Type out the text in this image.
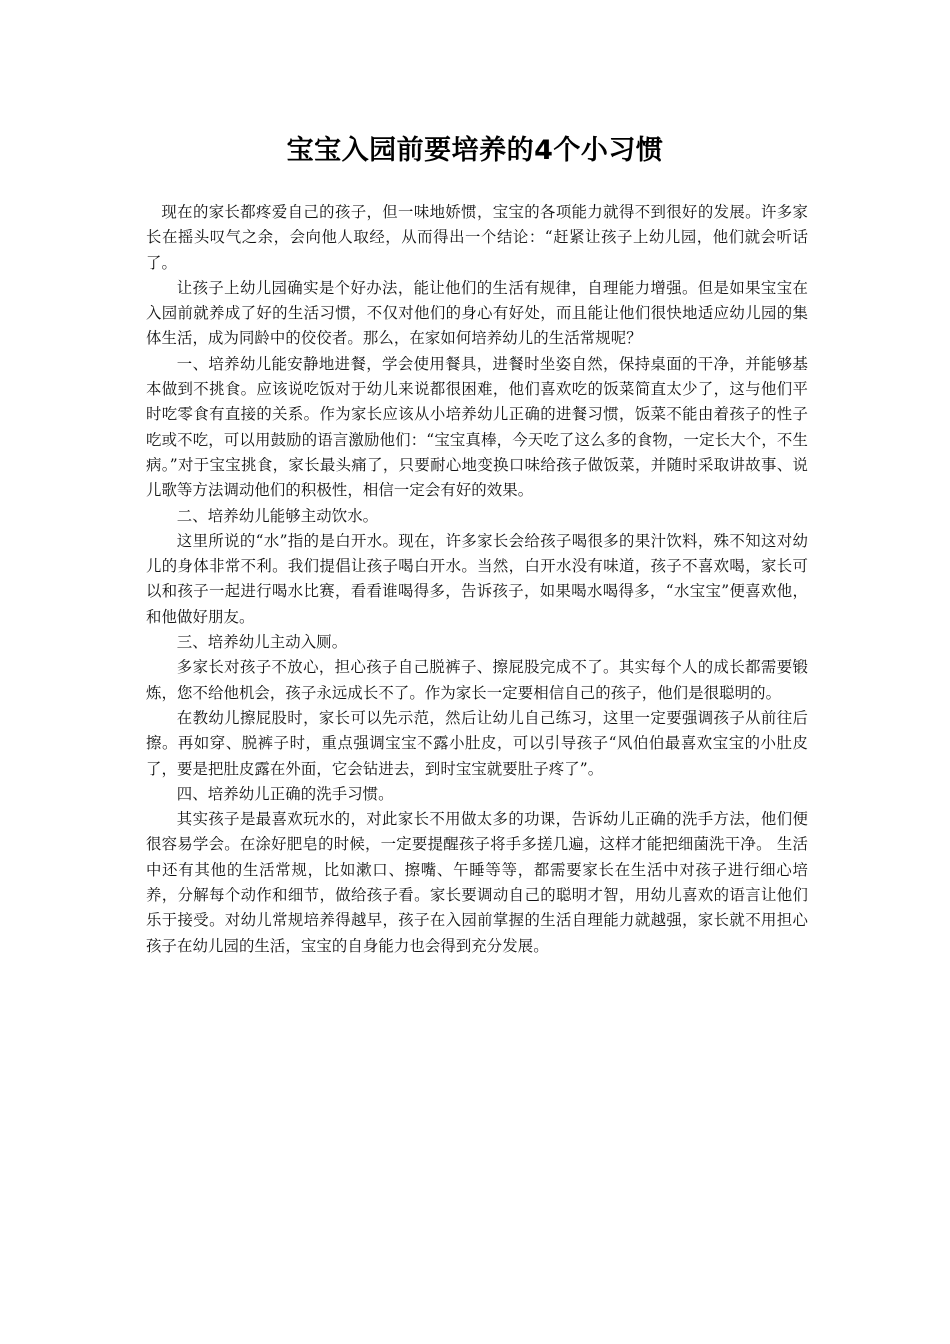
宝宝入园前要培养的4个小习惯

现在的家长都疼爱自己的孩子，但一味地娇惯，宝宝的各项能力就得不到很好的发展。许多家长在摇头叹气之余，会向他人取经，从而得出一个结论：“赶紧让孩子上幼儿园，他们就会听话了。

让孩子上幼儿园确实是个好办法，能让他们的生活有规律，自理能力增强。但是如果宝宝在入园前就养成了好的生活习惯，不仅对他们的身心有好处，而且能让他们很快地适应幼儿园的集体生活，成为同龄中的佼佼者。那么，在家如何培养幼儿的生活常规呢？

一、培养幼儿能安静地进餐，学会使用餐具，进餐时坐姿自然，保持桌面的干净，并能够基本做到不挑食。应该说吃饭对于幼儿来说都很困难，他们喜欢吃的饭菜简直太少了，这与他们平时吃零食有直接的关系。作为家长应该从小培养幼儿正确的进餐习惯，饭菜不能由着孩子的性子吃或不吃，可以用鼓励的语言激励他们：“宝宝真棒，今天吃了这么多的食物，一定长大个，不生病。”对于宝宝挑食，家长最头痛了，只要耐心地变换口味给孩子做饭菜，并随时采取讲故事、说儿歌等方法调动他们的积极性，相信一定会有好的效果。

二、培养幼儿能够主动饮水。

这里所说的“水”指的是白开水。现在，许多家长会给孩子喝很多的果汁饮料，殊不知这对幼儿的身体非常不利。我们提倡让孩子喝白开水。当然，白开水没有味道，孩子不喜欢喝，家长可以和孩子一起进行喝水比赛，看看谁喝得多，告诉孩子，如果喝水喝得多，“水宝宝”便喜欢他，和他做好朋友。

三、培养幼儿主动入厕。

多家长对孩子不放心，担心孩子自己脱裤子、擦屁股完成不了。其实每个人的成长都需要锻炼，您不给他机会，孩子永远成长不了。作为家长一定要相信自己的孩子，他们是很聪明的。

在教幼儿擦屁股时，家长可以先示范，然后让幼儿自己练习，这里一定要强调孩子从前往后擦。再如穿、脱裤子时，重点强调宝宝不露小肚皮，可以引导孩子“风伯伯最喜欢宝宝的小肚皮了，要是把肚皮露在外面，它会钻进去，到时宝宝就要肚子疼了”。

四、培养幼儿正确的洗手习惯。

其实孩子是最喜欢玩水的，对此家长不用做太多的功课，告诉幼儿正确的洗手方法，他们便很容易学会。在涂好肥皂的时候，一定要提醒孩子将手多搓几遍，这样才能把细菌洗干净。 生活中还有其他的生活常规，比如漱口、擦嘴、午睡等等，都需要家长在生活中对孩子进行细心培养，分解每个动作和细节，做给孩子看。家长要调动自己的聪明才智，用幼儿喜欢的语言让他们乐于接受。对幼儿常规培养得越早，孩子在入园前掌握的生活自理能力就越强，家长就不用担心孩子在幼儿园的生活，宝宝的自身能力也会得到充分发展。
